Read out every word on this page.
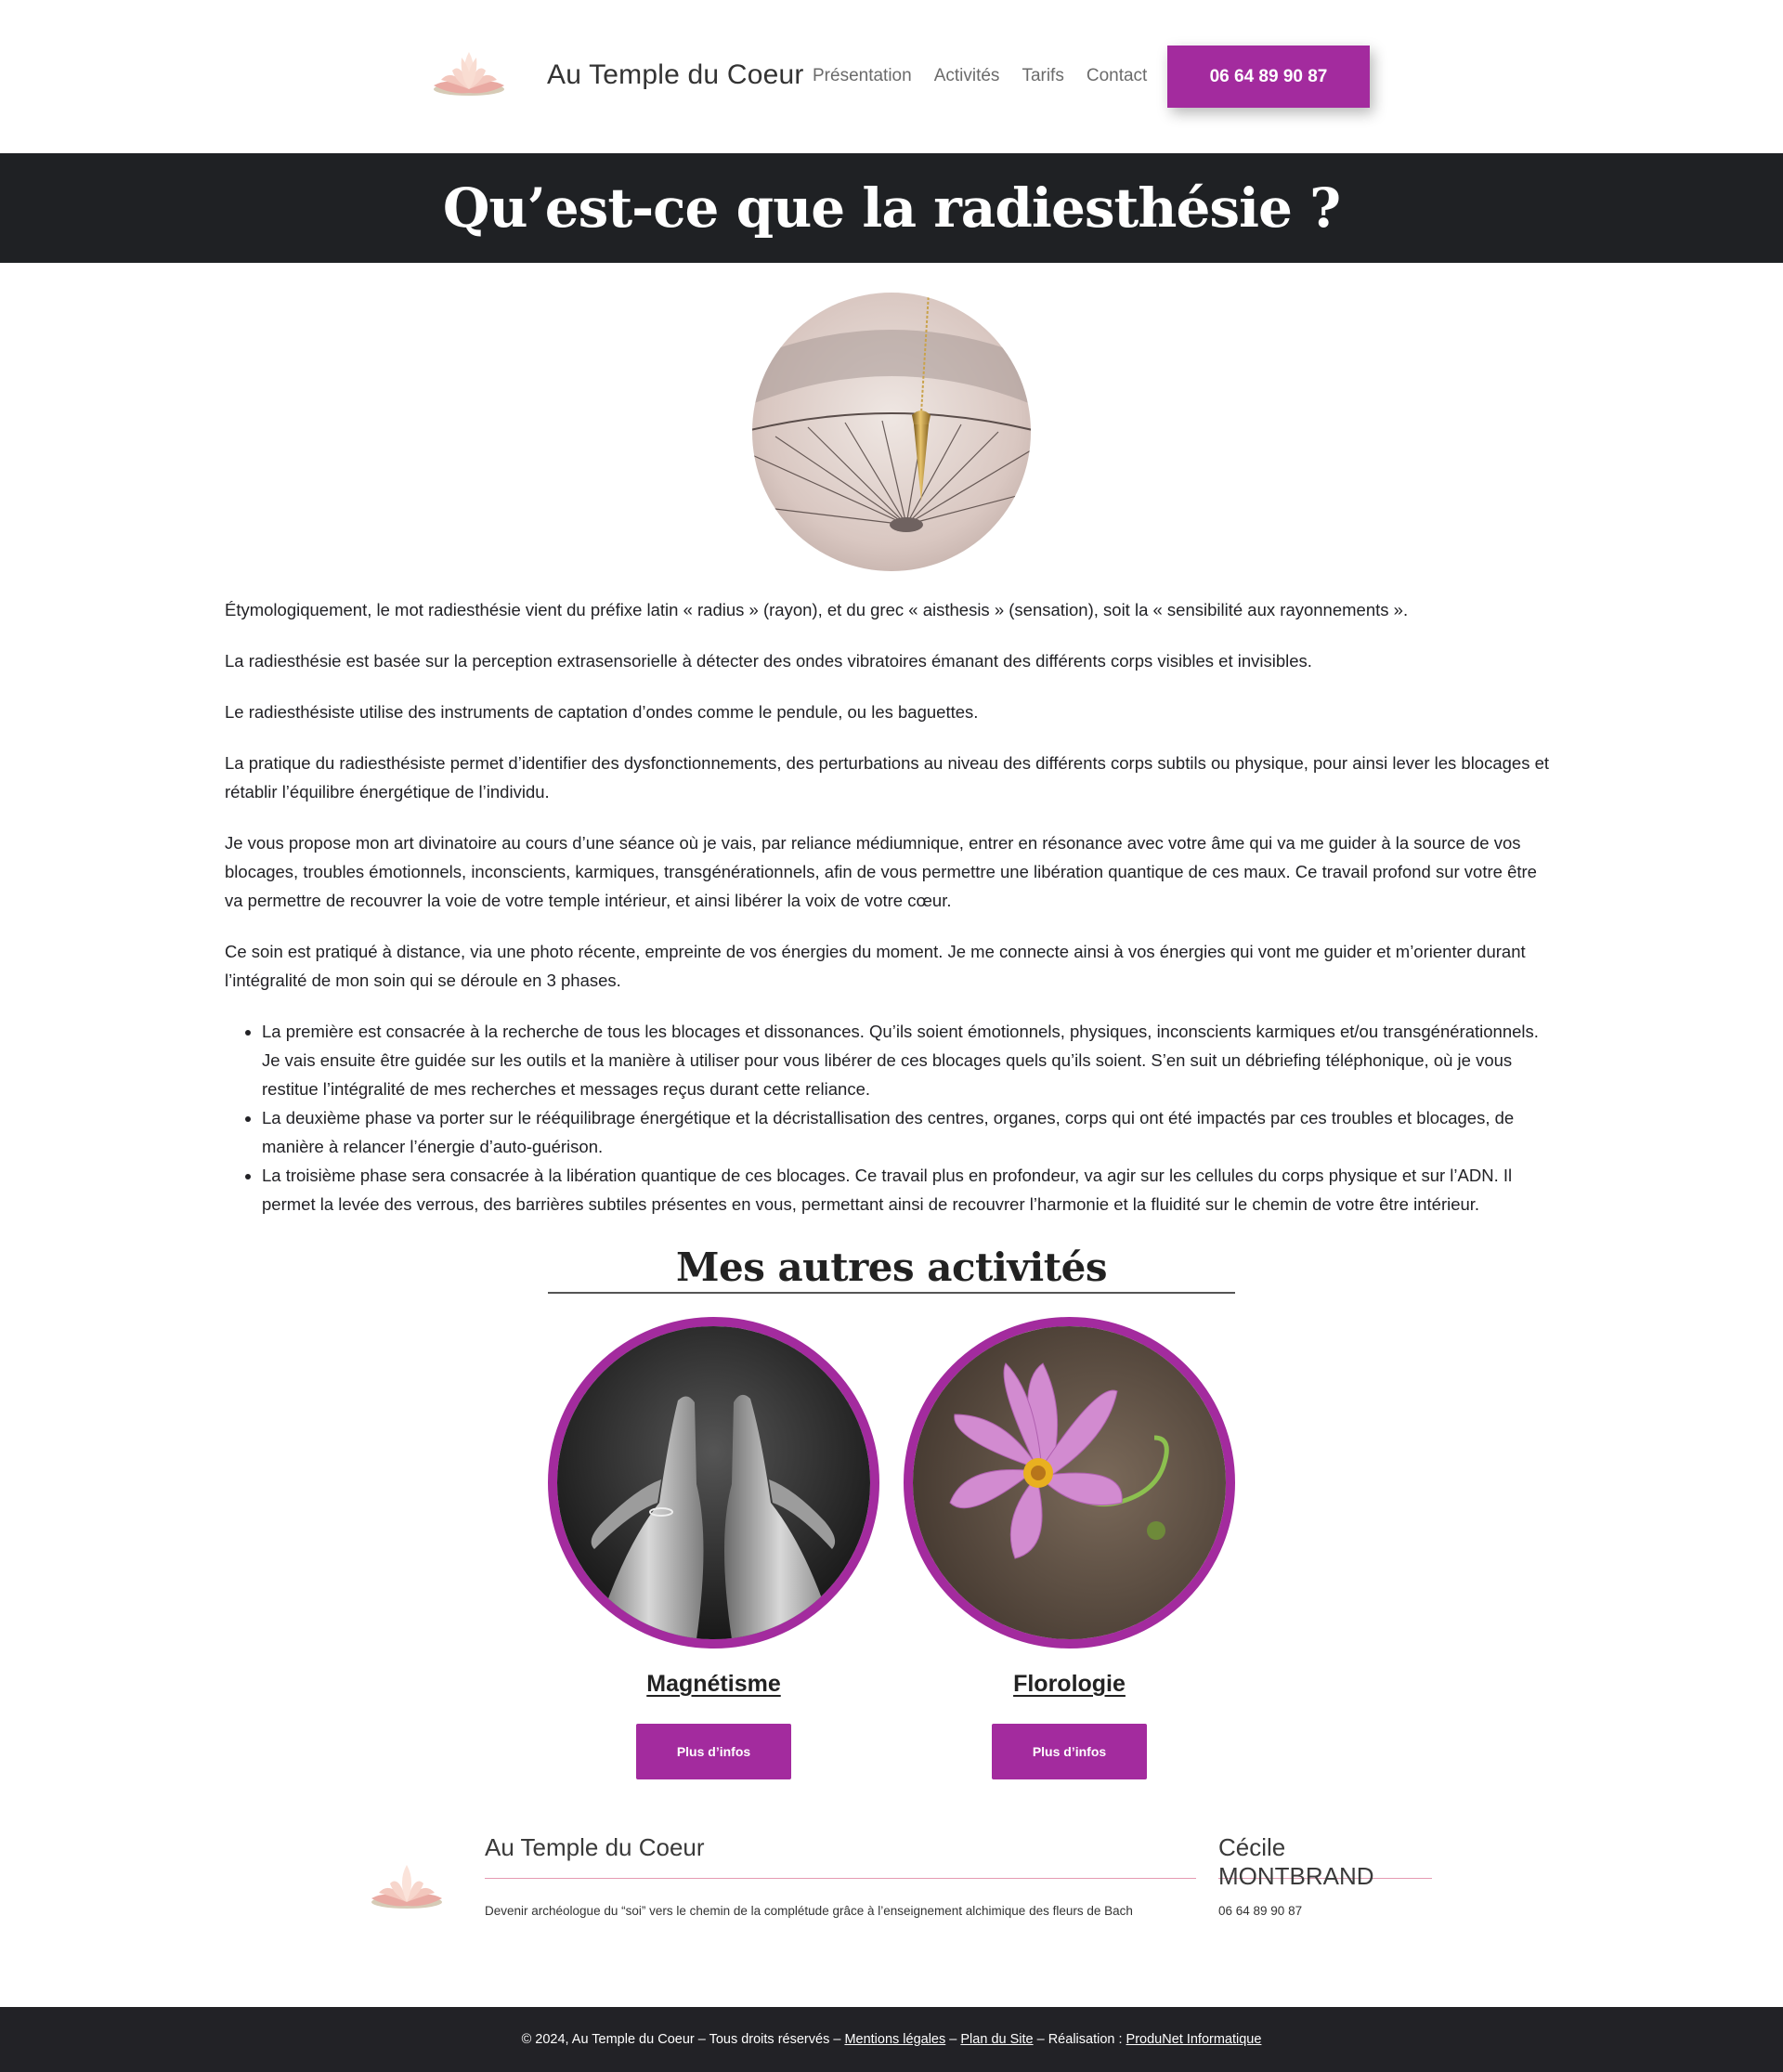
Au Temple du Coeur Présentation Activités Tarifs Contact	06 64 89 90 87
Qu’est-ce que la radiesthésie ?

Étymologiquement, le mot radiesthésie vient du préfixe latin « radius » (rayon), et du grec « aisthesis » (sensation), soit la « sensibilité aux rayonnements ».

La radiesthésie est basée sur la perception extrasensorielle à détecter des ondes vibratoires émanant des différents corps visibles et invisibles.

Le radiesthésiste utilise des instruments de captation d’ondes comme le pendule, ou les baguettes.

La pratique du radiesthésiste permet d’identifier des dysfonctionnements, des perturbations au niveau des différents corps subtils ou physique, pour ainsi lever les blocages et rétablir l’équilibre énergétique de l’individu.

Je vous propose mon art divinatoire au cours d’une séance où je vais, par reliance médiumnique, entrer en résonance avec votre âme qui va me guider à la source de vos blocages, troubles émotionnels, inconscients, karmiques, transgénérationnels, afin de vous permettre une libération quantique de ces maux. Ce travail profond sur votre être va permettre de recouvrer la voie de votre temple intérieur, et ainsi libérer la voix de votre cœur.

Ce soin est pratiqué à distance, via une photo récente, empreinte de vos énergies du moment. Je me connecte ainsi à vos énergies qui vont me guider et m’orienter durant l’intégralité de mon soin qui se déroule en 3 phases.

• La première est consacrée à la recherche de tous les blocages et dissonances. Qu’ils soient émotionnels, physiques, inconscients karmiques et/ou transgénérationnels. Je vais ensuite être guidée sur les outils et la manière à utiliser pour vous libérer de ces blocages quels qu’ils soient. S’en suit un débriefing téléphonique, où je vous restitue l’intégralité de mes recherches et messages reçus durant cette reliance.
• La deuxième phase va porter sur le rééquilibrage énergétique et la décristallisation des centres, organes, corps qui ont été impactés par ces troubles et blocages, de manière à relancer l’énergie d’auto-guérison.
• La troisième phase sera consacrée à la libération quantique de ces blocages. Ce travail plus en profondeur, va agir sur les cellules du corps physique et sur l’ADN. Il permet la levée des verrous, des barrières subtiles présentes en vous, permettant ainsi de recouvrer l’harmonie et la fluidité sur le chemin de votre être intérieur.
Mes autres activités
Magnétisme
Plus d’infos
Florologie
Plus d’infos
Au Temple du Coeur
Devenir archéologue du “soi” vers le chemin de la complétude grâce à l’enseignement alchimique des fleurs de Bach
Cécile MONTBRAND
06 64 89 90 87
© 2024, Au Temple du Coeur – Tous droits réservés – Mentions légales – Plan du Site – Réalisation : ProduNet Informatique
